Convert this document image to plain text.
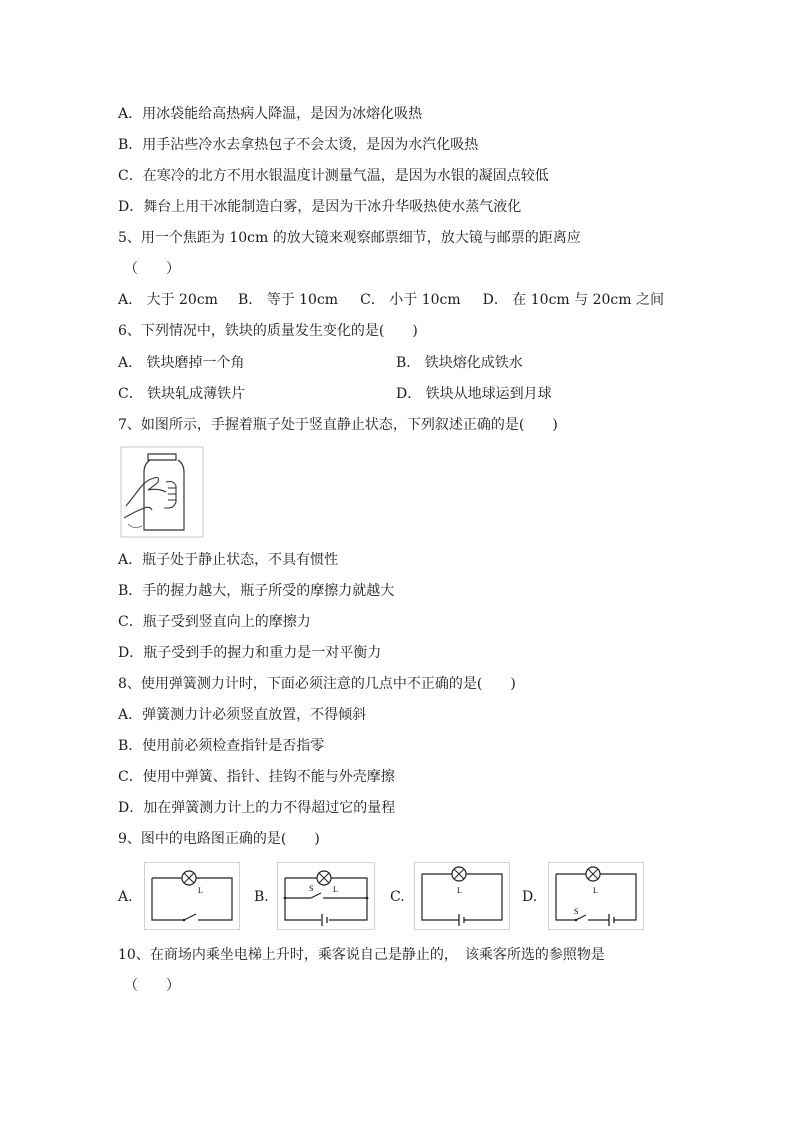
A．用冰袋能给高热病人降温，是因为冰熔化吸热
B．用手沾些冷水去拿热包子不会太烫，是因为水汽化吸热
C．在寒冷的北方不用水银温度计测量气温，是因为水银的凝固点较低
D．舞台上用干冰能制造白雾，是因为干冰升华吸热使水蒸气液化
5、用一个焦距为 10cm 的放大镜来观察邮票细节，放大镜与邮票的距离应
（　　）
A． 大于 20cm B． 等于 10cm C． 小于 10cm D． 在 10cm 与 20cm 之间
6、下列情况中，铁块的质量发生变化的是(　　)
A． 铁块磨掉一个角	B． 铁块熔化成铁水
C． 铁块轧成薄铁片	D． 铁块从地球运到月球
7、如图所示，手握着瓶子处于竖直静止状态，下列叙述正确的是(　　)
A．瓶子处于静止状态，不具有惯性
B．手的握力越大，瓶子所受的摩擦力就越大
C．瓶子受到竖直向上的摩擦力
D．瓶子受到手的握力和重力是一对平衡力
8、使用弹簧测力计时，下面必须注意的几点中不正确的是(　　)
A．弹簧测力计必须竖直放置，不得倾斜
B．使用前必须检查指针是否指零
C．使用中弹簧、指针、挂钩不能与外壳摩擦
D．加在弹簧测力计上的力不得超过它的量程
9、图中的电路图正确的是(　　)
A.	B.	C.	D.
L	L
S	L	L
S
10、在商场内乘坐电梯上升时，乘客说自己是静止的，　该乘客所选的参照物是
（　　）
